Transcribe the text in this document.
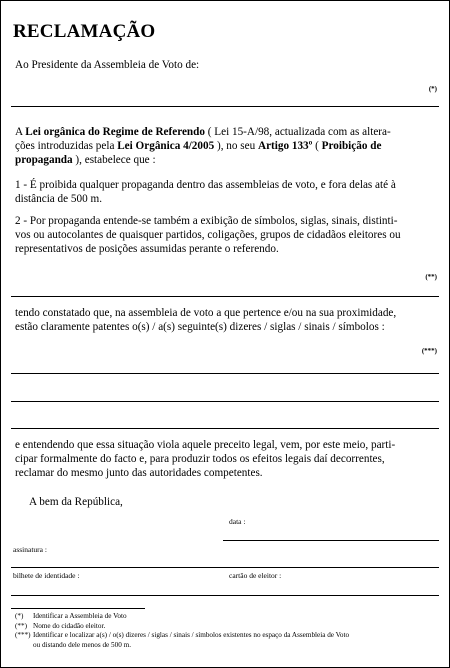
RECLAMAÇÃO
Ao Presidente da Assembleia de Voto de:
(*)
A Lei orgânica do Regime de Referendo ( Lei 15-A/98, actualizada com as altera-
ções introduzidas pela Lei Orgânica 4/2005 ), no seu Artigo 133º ( Proibição de
propaganda ), estabelece que :
1 - É proibida qualquer propaganda dentro das assembleias de voto, e fora delas até à
distância de 500 m.
2 - Por propaganda entende-se também a exibição de símbolos, siglas, sinais, distinti-
vos ou autocolantes de quaisquer partidos, coligações, grupos de cidadãos eleitores ou
representativos de posições assumidas perante o referendo.
(**)
tendo constatado que, na assembleia de voto a que pertence e/ou na sua proximidade,
estão claramente patentes o(s) / a(s) seguinte(s) dizeres / siglas / sinais / símbolos :
(***)
e entendendo que essa situação viola aquele preceito legal, vem, por este meio, parti-
cipar formalmente do facto e, para produzir todos os efeitos legais daí decorrentes,
reclamar do mesmo junto das autoridades competentes.
A bem da República,
data :
assinatura :
bilhete de identidade :	cartão de eleitor :
(*)	Identificar a Assembleia de Voto
(**) Nome do cidadão eleitor.
(***) Identificar e localizar a(s) / o(s) dizeres / siglas / sinais / símbolos existentes no espaço da Assembleia de Voto
ou distando dele menos de 500 m.
